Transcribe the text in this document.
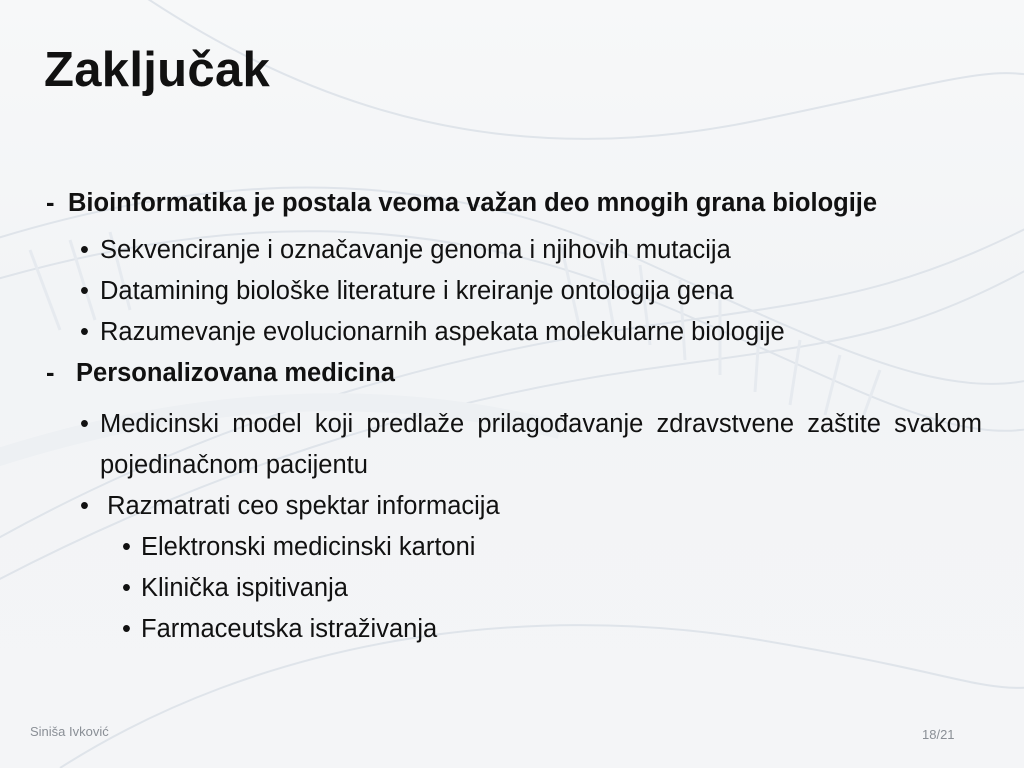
Zaključak
- Bioinformatika je postala veoma važan deo mnogih grana biologije
• Sekvenciranje i označavanje genoma i njihovih mutacija
• Datamining biološke literature i kreiranje ontologija gena
• Razumevanje evolucionarnih aspekata molekularne biologije
- Personalizovana medicina
• Medicinski model koji predlaže prilagođavanje zdravstvene zaštite svakom pojedinačnom pacijentu
• Razmatrati ceo spektar informacija
• Elektronski medicinski kartoni
• Klinička ispitivanja
• Farmaceutska istraživanja
Siniša Ivković	18/21
